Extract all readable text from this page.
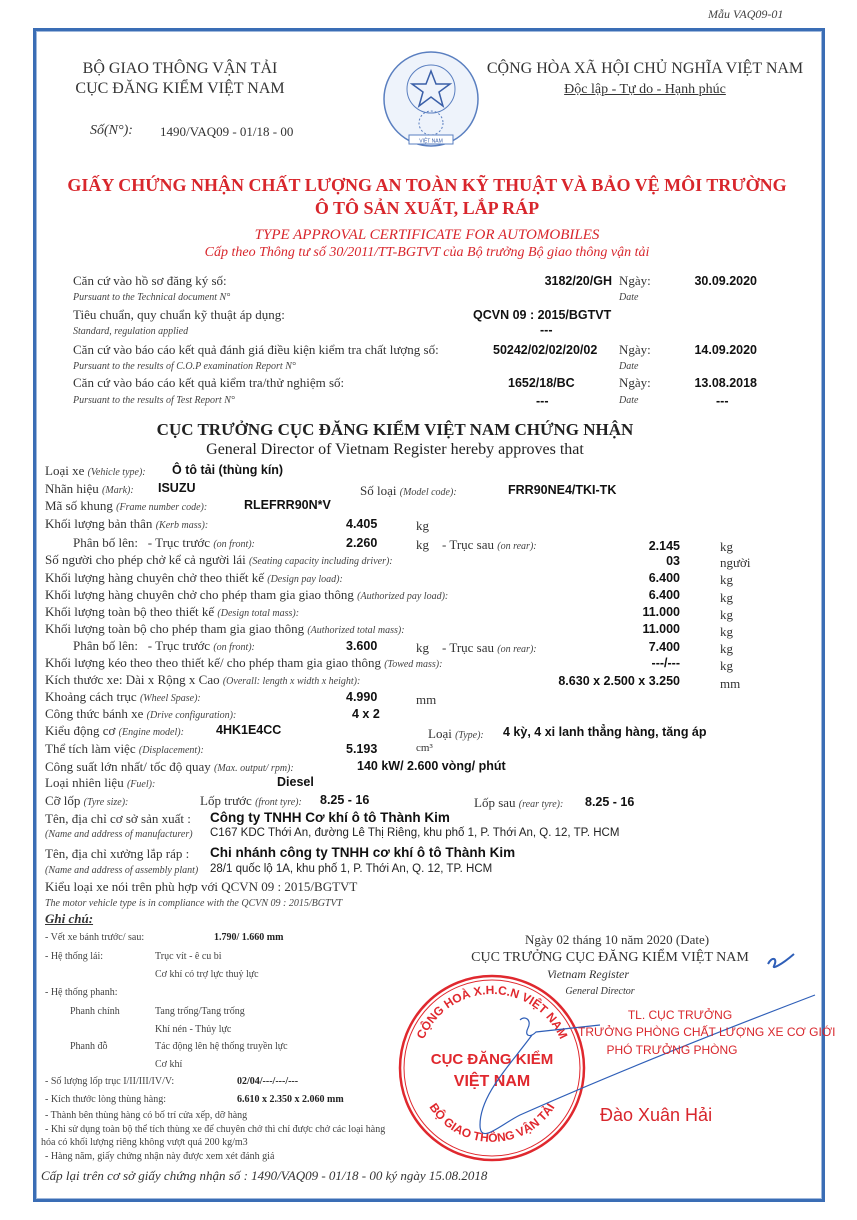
Mẫu VAQ09-01
BỘ GIAO THÔNG VẬN TẢI
CỤC ĐĂNG KIỂM VIỆT NAM
Số(N°): 1490/VAQ09 - 01/18 - 00
VIỆT NAM
CỘNG HÒA XÃ HỘI CHỦ NGHĨA VIỆT NAM
Độc lập - Tự do - Hạnh phúc
GIẤY CHỨNG NHẬN CHẤT LƯỢNG AN TOÀN KỸ THUẬT VÀ BẢO VỆ MÔI TRƯỜNG
Ô TÔ SẢN XUẤT, LẮP RÁP
TYPE APPROVAL CERTIFICATE FOR AUTOMOBILES
Cấp theo Thông tư số 30/2011/TT-BGTVT của Bộ trưởng Bộ giao thông vận tải
Căn cứ vào hồ sơ đăng ký số:	3182/20/GH Ngày:	30.09.2020
Pursuant to the Technical document N°	Date
Tiêu chuẩn, quy chuẩn kỹ thuật áp dụng:	QCVN 09 : 2015/BGTVT
Standard, regulation applied	---
Căn cứ vào báo cáo kết quả đánh giá điều kiện kiểm tra chất lượng số:	50242/02/02/20/02 Ngày:	14.09.2020
Pursuant to the results of C.O.P examination Report N°	Date
Căn cứ vào báo cáo kết quả kiểm tra/thử nghiệm số:	1652/18/BC	Ngày:	13.08.2018
Pursuant to the results of Test Report N°	---	Date	---
CỤC TRƯỞNG CỤC ĐĂNG KIỂM VIỆT NAM CHỨNG NHẬN
General Director of Vietnam Register hereby approves that
Loại xe (Vehicle type): Ô tô tải (thùng kín)
Nhãn hiệu (Mark): ISUZU	Số loại (Model code):	FRR90NE4/TKI-TK
Mã số khung (Frame number code):	RLEFRR90N*V
Khối lượng bản thân (Kerb mass):	4.405	kg
Phân bố lên: - Trục trước (on front):	2.260	kg - Trục sau (on rear):	2.145	kg
Số người cho phép chở kể cả người lái (Seating capacity including driver):	03	người
Khối lượng hàng chuyên chở theo thiết kế (Design pay load):	6.400	kg
Khối lượng hàng chuyên chở cho phép tham gia giao thông (Authorized pay load):	6.400	kg
Khối lượng toàn bộ theo thiết kế (Design total mass):	11.000	kg
Khối lượng toàn bộ cho phép tham gia giao thông (Authorized total mass):	11.000	kg
Phân bố lên: - Trục trước (on front):	3.600	kg - Trục sau (on rear):	7.400	kg
Khối lượng kéo theo theo thiết kế/ cho phép tham gia giao thông (Towed mass):	---/---	kg
Kích thước xe: Dài x Rộng x Cao (Overall: length x width x height):	8.630 x 2.500 x 3.250	mm
Khoảng cách trục (Wheel Spase):	4.990	mm
Công thức bánh xe (Drive configuration):	4 x 2
Kiểu động cơ (Engine model):	4HK1E4CC	Loại (Type): 4 kỳ, 4 xi lanh thẳng hàng, tăng áp
Thể tích làm việc (Displacement):	5.193	cm³
Công suất lớn nhất/ tốc độ quay (Max. output/ rpm):	140 kW/ 2.600 vòng/ phút
Loại nhiên liệu (Fuel):	Diesel
Cỡ lốp (Tyre size):	Lốp trước (front tyre): 8.25 - 16	Lốp sau (rear tyre): 8.25 - 16
Tên, địa chỉ cơ sở sản xuất : Công ty TNHH Cơ khí ô tô Thành Kim
(Name and address of manufacturer) C167 KDC Thới An, đường Lê Thị Riêng, khu phố 1, P. Thới An, Q. 12, TP. HCM
Tên, địa chỉ xưởng lắp ráp : Chi nhánh công ty TNHH cơ khí ô tô Thành Kim
(Name and address of assembly plant) 28/1 quốc lộ 1A, khu phố 1, P. Thới An, Q. 12, TP. HCM
Kiểu loại xe nói trên phù hợp với QCVN 09 : 2015/BGTVT
The motor vehicle type is in compliance with the QCVN 09 : 2015/BGTVT
Ghi chú:
- Vết xe bánh trước/ sau:	1.790/ 1.660 mm
- Hệ thống lái:	Trục vít - ê cu bi
Cơ khí có trợ lực thuỷ lực
- Hệ thống phanh:
Phanh chính	Tang trống/Tang trống
Khí nén - Thủy lực
Phanh đỗ	Tác động lên hệ thống truyền lực
Cơ khí
- Số lượng lốp trục I/II/III/IV/V:	02/04/---/---/---
- Kích thước lòng thùng hàng:	6.610 x 2.350 x 2.060 mm
- Thành bên thùng hàng có bố trí cửa xếp, dỡ hàng
- Khi sử dụng toàn bộ thể tích thùng xe để chuyên chở thì chỉ được chở các loại hàng
hóa có khối lượng riêng không vượt quá 200 kg/m3
- Hàng năm, giấy chứng nhận này được xem xét đánh giá
Cấp lại trên cơ sở giấy chứng nhận số : 1490/VAQ09 - 01/18 - 00 ký ngày 15.08.2018
CỘNG HOÀ X.H.C.N VIỆT NAM
BỘ GIAO THÔNG VẬN TẢI
CỤC ĐĂNG KIỂM
VIỆT NAM
Ngày 02 tháng 10 năm 2020 (Date)
CỤC TRƯỞNG CỤC ĐĂNG KIỂM VIỆT NAM
Vietnam Register
General Director
TL. CỤC TRƯỞNG
TRƯỞNG PHÒNG CHẤT LƯỢNG XE CƠ GIỚI
PHÓ TRƯỞNG PHÒNG
Đào Xuân Hải
